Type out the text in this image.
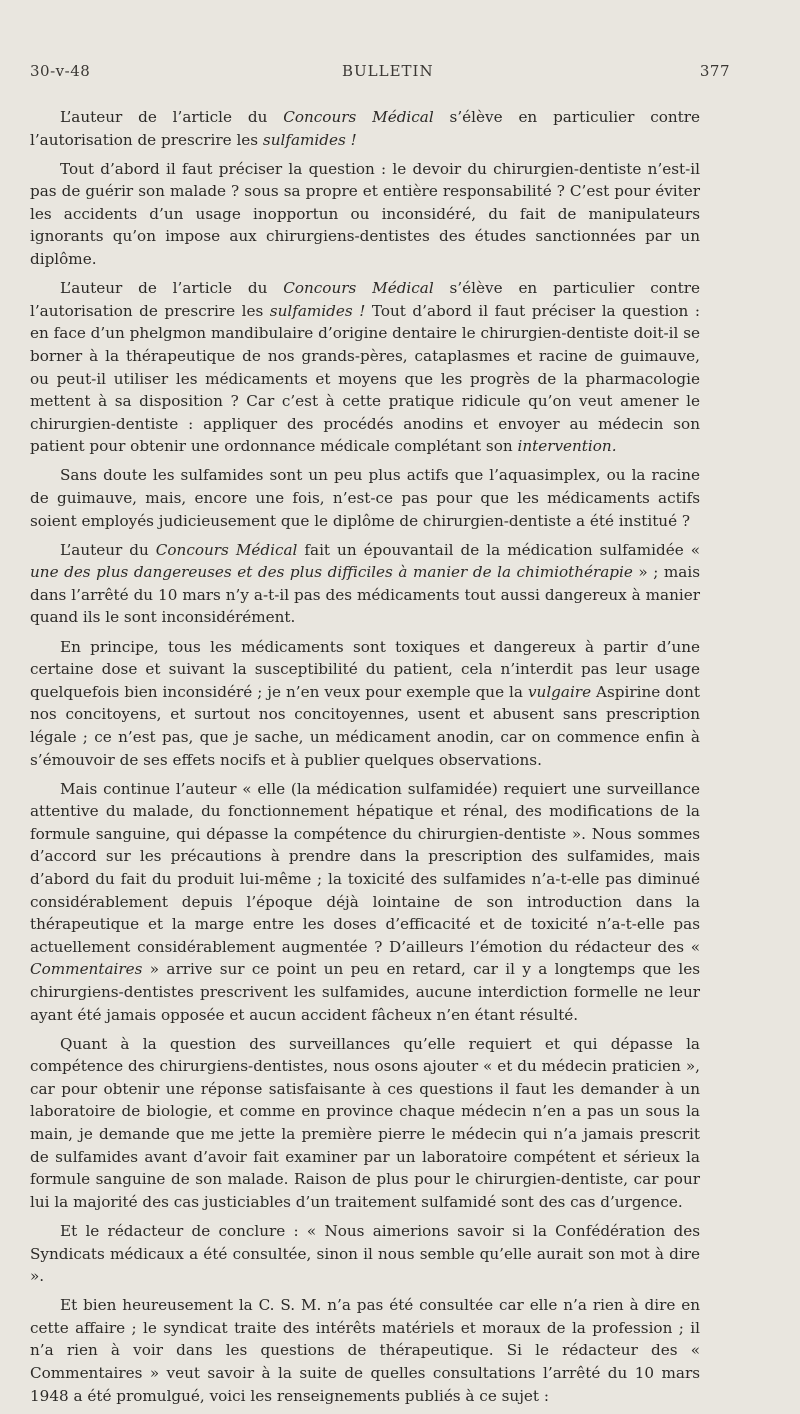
30-v-48	BULLETIN	377

L’auteur de l’article du Concours Médical s’élève en particulier contre l’autorisation de prescrire les sulfamides !

Tout d’abord il faut préciser la question : le devoir du chirurgien-dentiste n’est-il pas de guérir son malade ? sous sa propre et entière responsabilité ? C’est pour éviter les accidents d’un usage inopportun ou inconsidéré, du fait de manipulateurs ignorants qu’on impose aux chirurgiens-dentistes des études sanctionnées par un diplôme.

L’auteur de l’article du Concours Médical s’élève en particulier contre l’autorisation de prescrire les sulfamides ! Tout d’abord il faut préciser la question : en face d’un phelgmon mandibulaire d’origine dentaire le chirurgien-dentiste doit-il se borner à la thérapeutique de nos grands-pères, cataplasmes et racine de guimauve, ou peut-il utiliser les médicaments et moyens que les progrès de la pharmacologie mettent à sa disposition ? Car c’est à cette pratique ridicule qu’on veut amener le chirurgien-dentiste : appliquer des procédés anodins et envoyer au médecin son patient pour obtenir une ordonnance médicale complétant son intervention.

Sans doute les sulfamides sont un peu plus actifs que l’aquasimplex, ou la racine de guimauve, mais, encore une fois, n’est-ce pas pour que les médicaments actifs soient employés judicieusement que le diplôme de chirurgien-dentiste a été institué ?

L’auteur du Concours Médical fait un épouvantail de la médication sulfamidée « une des plus dangereuses et des plus difficiles à manier de la chimiothérapie » ; mais dans l’arrêté du 10 mars n’y a-t-il pas des médicaments tout aussi dangereux à manier quand ils le sont inconsidérément.

En principe, tous les médicaments sont toxiques et dangereux à partir d’une certaine dose et suivant la susceptibilité du patient, cela n’interdit pas leur usage quelquefois bien inconsidéré ; je n’en veux pour exemple que la vulgaire Aspirine dont nos concitoyens, et surtout nos concitoyennes, usent et abusent sans prescription légale ; ce n’est pas, que je sache, un médicament anodin, car on commence enfin à s’émouvoir de ses effets nocifs et à publier quelques observations.

Mais continue l’auteur « elle (la médication sulfamidée) requiert une surveillance attentive du malade, du fonctionnement hépatique et rénal, des modifications de la formule sanguine, qui dépasse la compétence du chirurgien-dentiste ». Nous sommes d’accord sur les précautions à prendre dans la prescription des sulfamides, mais d’abord du fait du produit lui-même ; la toxicité des sulfamides n’a-t-elle pas diminué considérablement depuis l’époque déjà lointaine de son introduction dans la thérapeutique et la marge entre les doses d’efficacité et de toxicité n’a-t-elle pas actuellement considérablement augmentée ? D’ailleurs l’émotion du rédacteur des « Commentaires » arrive sur ce point un peu en retard, car il y a longtemps que les chirurgiens-dentistes prescrivent les sulfamides, aucune interdiction formelle ne leur ayant été jamais opposée et aucun accident fâcheux n’en étant résulté.

Quant à la question des surveillances qu’elle requiert et qui dépasse la compétence des chirurgiens-dentistes, nous osons ajouter « et du médecin praticien », car pour obtenir une réponse satisfaisante à ces questions il faut les demander à un laboratoire de biologie, et comme en province chaque médecin n’en a pas un sous la main, je demande que me jette la première pierre le médecin qui n’a jamais prescrit de sulfamides avant d’avoir fait examiner par un laboratoire compétent et sérieux la formule sanguine de son malade. Raison de plus pour le chirurgien-dentiste, car pour lui la majorité des cas justiciables d’un traitement sulfamidé sont des cas d’urgence.

Et le rédacteur de conclure : « Nous aimerions savoir si la Confédération des Syndicats médicaux a été consultée, sinon il nous semble qu’elle aurait son mot à dire ».

Et bien heureusement la C. S. M. n’a pas été consultée car elle n’a rien à dire en cette affaire ; le syndicat traite des intérêts matériels et moraux de la profession ; il n’a rien à voir dans les questions de thérapeutique. Si le rédacteur des « Commentaires » veut savoir à la suite de quelles consultations l’arrêté du 10 mars 1948 a été promulgué, voici les renseignements publiés à ce sujet :
